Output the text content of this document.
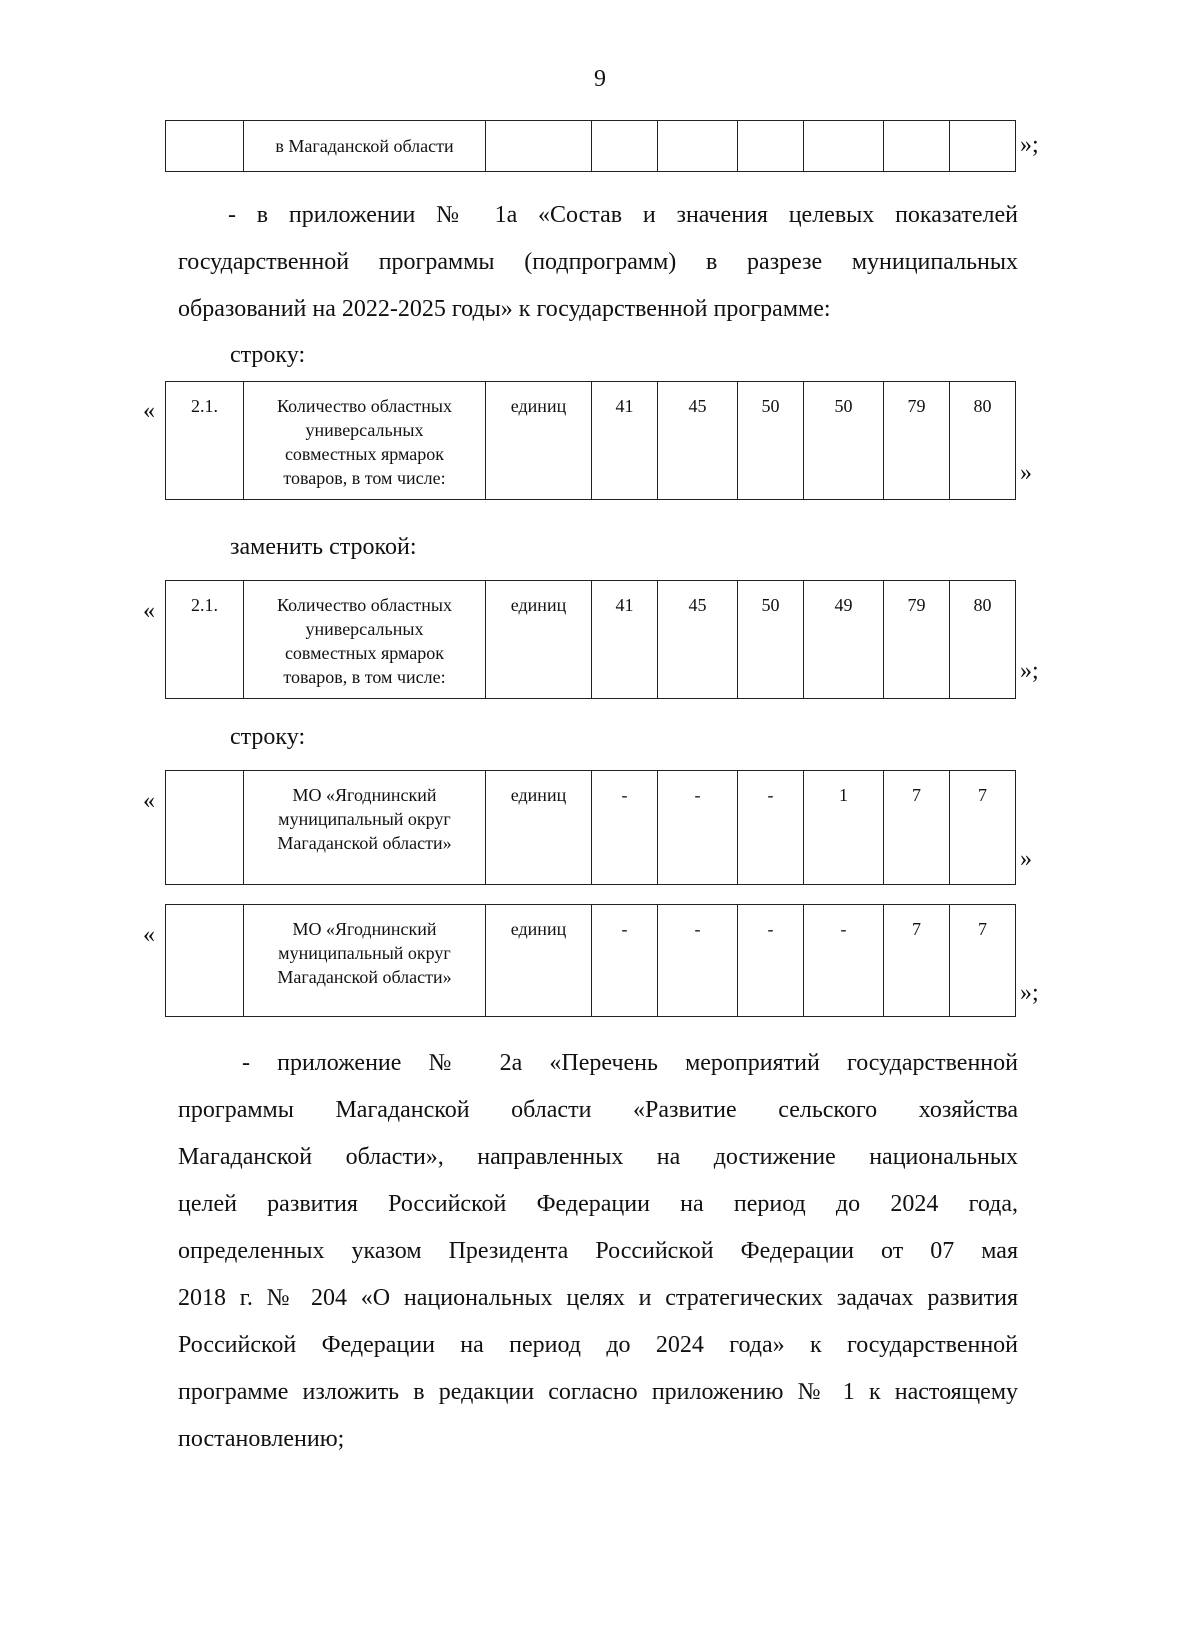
9
	в Магаданской области								»;
- в приложении № 1а «Состав и значения целевых показателей
государственной программы (подпрограмм) в разрезе муниципальных
образований на 2022-2025 годы» к государственной программе:
строку:
« 2.1.	Количество областных
универсальных
совместных ярмарок
товаров, в том числе:
	единиц	41	45	50	50	79	80
»
заменить строкой:
« 2.1.	Количество областных
универсальных
совместных ярмарок
товаров, в том числе:
	единиц	41	45	50	49	79	80
»;
строку:
«
		МО «Ягоднинский
муниципальный округ
Магаданской области»
	единиц	-	-	-	1	7	7
»
«
		МО «Ягоднинский
муниципальный округ
Магаданской области»
	единиц	-	-	-	-	7	7
»;
- приложение № 2а «Перечень мероприятий государственной
программы Магаданской области «Развитие сельского хозяйства
Магаданской области», направленных на достижение национальных
целей развития Российской Федерации на период до 2024 года,
определенных указом Президента Российской Федерации от 07 мая
2018 г. № 204 «О национальных целях и стратегических задачах развития
Российской Федерации на период до 2024 года» к государственной
программе изложить в редакции согласно приложению № 1 к настоящему
постановлению;
